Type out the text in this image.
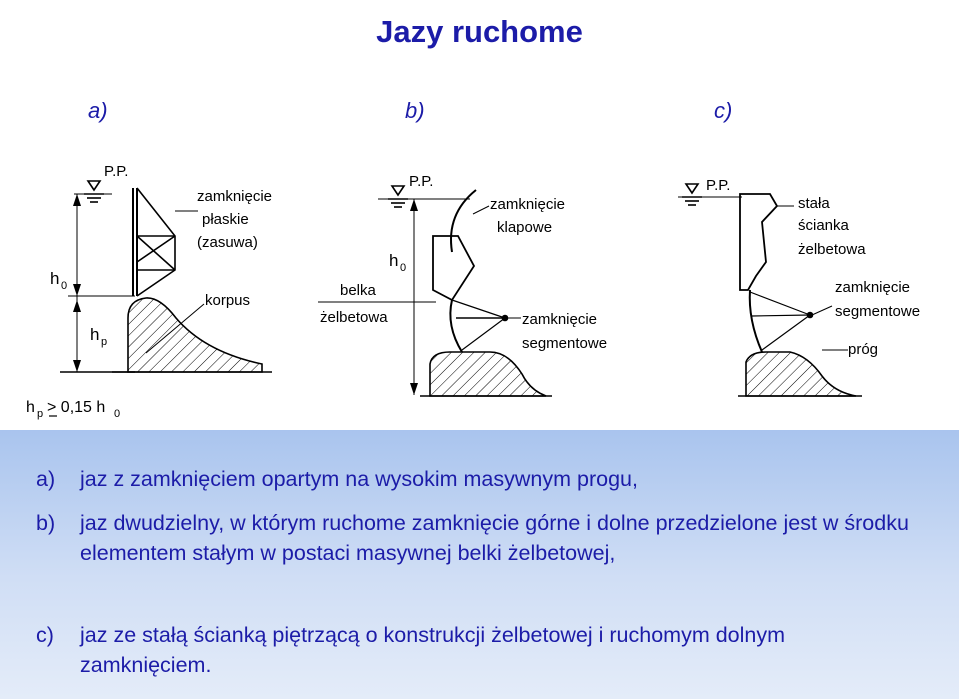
Jazy ruchome
a)	b)	c)
P.P.
h 0
h p
zamknięcie
płaskie
(zasuwa)
korpus
h p > 0,15 h 0
P.P.
h 0
zamknięcie
klapowe
belka
żelbetowa	zamknięcie
segmentowe
P.P.
stała
ścianka
żelbetowa
zamknięcie
segmentowe
próg
a) jaz z zamknięciem opartym na wysokim masywnym progu,
b) jaz dwudzielny, w którym ruchome zamknięcie górne i dolne przedzielone jest w środku elementem stałym w postaci masywnej belki żelbetowej,
c) jaz ze stałą ścianką piętrzącą o konstrukcji żelbetowej i ruchomym dolnym zamknięciem.
